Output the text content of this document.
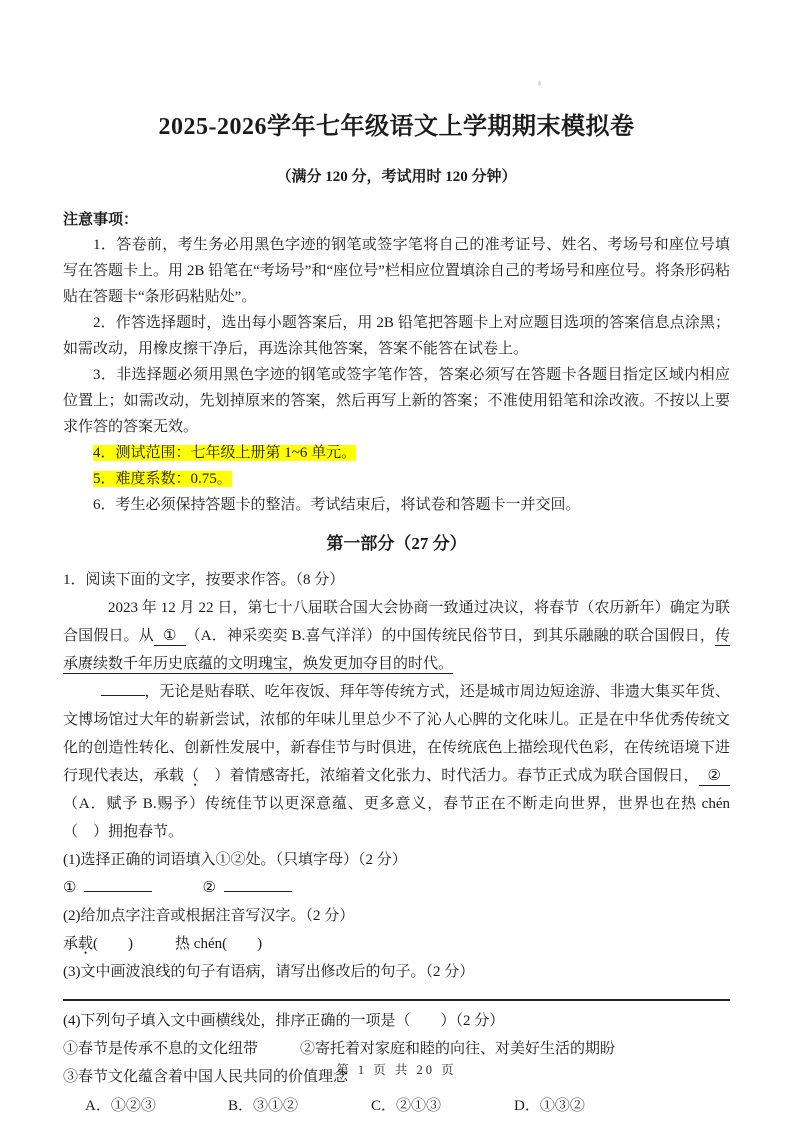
2025-2026学年七年级语文上学期期末模拟卷
（满分 120 分，考试用时 120 分钟）
注意事项：

1．答卷前，考生务必用黑色字迹的钢笔或签字笔将自己的准考证号、姓名、考场号和座位号填写在答题卡上。用 2B 铅笔在“考场号”和“座位号”栏相应位置填涂自己的考场号和座位号。将条形码粘贴在答题卡“条形码粘贴处”。

2．作答选择题时，选出每小题答案后，用 2B 铅笔把答题卡上对应题目选项的答案信息点涂黑；如需改动，用橡皮擦干净后，再选涂其他答案，答案不能答在试卷上。

3．非选择题必须用黑色字迹的钢笔或签字笔作答，答案必须写在答题卡各题目指定区域内相应位置上；如需改动，先划掉原来的答案，然后再写上新的答案；不准使用铅笔和涂改液。不按以上要求作答的答案无效。

4．测试范围：七年级上册第 1~6 单元。

5．难度系数：0.75。

6．考生必须保持答题卡的整洁。考试结束后，将试卷和答题卡一并交回。

第一部分（27 分）

1．阅读下面的文字，按要求作答。（8 分）

2023 年 12 月 22 日，第七十八届联合国大会协商一致通过决议，将春节（农历新年）确定为联合国假日。从 ① （A．神采奕奕 B.喜气洋洋）的中国传统民俗节日，到其乐融融的联合国假日，传承赓续数千年历史底蕴的文明瑰宝，焕发更加夺目的时代。

，无论是贴春联、吃年夜饭、拜年等传统方式，还是城市周边短途游、非遗大集买年货、文博场馆过大年的崭新尝试，浓郁的年味儿里总少不了沁人心脾的文化味儿。正是在中华优秀传统文化的创造性转化、创新性发展中，新春佳节与时俱进，在传统底色上描绘现代色彩，在传统语境下进行现代表达，承载（　）着情感寄托，浓缩着文化张力、时代活力。春节正式成为联合国假日， ②（A．赋予 B.赐予）传统佳节以更深意蕴、更多意义，春节正在不断走向世界，世界也在热 chén（　）拥抱春节。

(1)选择正确的词语填入①②处。（只填字母）（2 分）

①	②

(2)给加点字注音或根据注音写汉字。（2 分）

承载(　　)	热 chén(　　)

(3)文中画波浪线的句子有语病，请写出修改后的句子。（2 分）

(4)下列句子填入文中画横线处，排序正确的一项是（　　）（2 分）

①春节是传承不息的文化纽带	②寄托着对家庭和睦的向往、对美好生活的期盼

③春节文化蕴含着中国人民共同的价值理念

A．①②③	B．③①②	C．②①③	D．①③②
第 1 页 共 20 页
